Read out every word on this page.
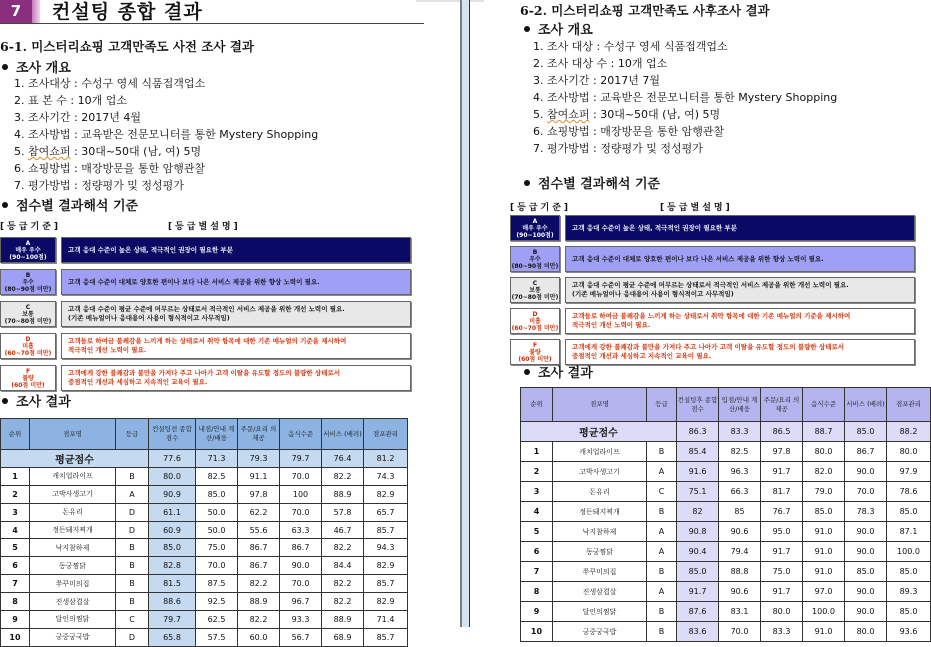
7	컨설팅 종합 결과
6-1. 미스터리쇼핑 고객만족도 사전 조사 결과
조사 개요
1. 조사대상 : 수성구 영세 식품접객업소
2. 표 본 수 : 10개 업소
3. 조사기간 : 2017년 4월
4. 조사방법 : 교육받은 전문모니터를 통한 Mystery Shopping
5. 참여쇼퍼 : 30대~50대 (남, 여) 5명
6. 쇼핑방법 : 매장방문을 통한 암행관찰
7. 평가방법 : 정량평가 및 정성평가
점수별 결과해석 기준
[등급기준]	[등급별설명]
A
매우 우수
(90~100점)
고객 응대 수준이 높은 상태, 적극적인 권장이 필요한 부분
B
우수
(80~90점 미만)
고객 응대 수준이 대체로 양호한 편이나 보다 나은 서비스 제공을 위한 향상 노력이 필요.
C
보통
(70~80점 미만)
고객 응대 수준이 평균 수준에 머무르는 상태로서 적극적인 서비스 제공을 위한 개선 노력이 필요.
(기존 매뉴얼이나 응대용어 사용이 형식적이고 사무적임)
D
미흡
(60~70점 미만)
고객들로 하여금 불쾌감을 느끼게 하는 상태로서 취약 항목에 대한 기존 매뉴얼의 기준을 제시하여
적극적인 개선 노력이 필요.
F
불량
(60점 미만)
고객에게 강한 불쾌감과 불만을 가져다 주고 나아가 고객 이탈을 유도할 정도의 불량한 상태로서
중점적인 개선과 세심하고 지속적인 교육이 필요.
조사 결과
순위	점포명	등급	컨설팅전 종합점수	내점/안내 계산/배웅	주문/요리 의 제공	음식수준	서비스 (배려)	점포관리
평균점수			77.6	71.3	79.3	79.7	76.4	81.2
1	캐치업라이프	B	80.0	82.5	91.1	70.0	82.2	74.3
2	고박사생고기	A	90.9	85.0	97.8	100	88.9	82.9
3	돈유리	D	61.1	50.0	62.2	70.0	57.8	65.7
4	정든돼지찌개	D	60.9	50.0	55.6	63.3	46.7	85.7
5	낙지참하제	B	85.0	75.0	86.7	86.7	82.2	94.3
6	동궁찜닭	B	82.8	70.0	86.7	90.0	84.4	82.9
7	쭈꾸미의집	B	81.5	87.5	82.2	70.0	82.2	85.7
8	진생삼겹살	B	88.6	92.5	88.9	96.7	82.2	82.9
9	달인의찜닭	C	79.7	62.5	82.2	93.3	88.9	71.4
10	궁중궁국밥	D	65.8	57.5	60.0	56.7	68.9	85.7
6-2. 미스터리쇼핑 고객만족도 사후조사 결과
조사 개요
1. 조사 대상 : 수성구 영세 식품접객업소
2. 조사 대상 수 : 10개 업소
3. 조사기간 : 2017년 7월
4. 조사방법 : 교육받은 전문모니터를 통한 Mystery Shopping
5. 참여쇼퍼 : 30대~50대 (남, 여) 5명
6. 쇼핑방법 : 매장방문을 통한 암행관찰
7. 평가방법 : 정량평가 및 정성평가
점수별 결과해석 기준
[등급기준]	[등급별설명]
A
매우 우수
(90~100점)
고객 응대 수준이 높은 상태, 적극적인 권장이 필요한 부분
B
우수
(80~90점 미만)
고객 응대 수준이 대체로 양호한 편이나 보다 나은 서비스 제공을 위한 향상 노력이 필요.
C
보통
(70~80점 미만)
고객 응대 수준이 평균 수준에 머무르는 상태로서 적극적인 서비스 제공을 위한 개선 노력이 필요.
(기존 매뉴얼이나 응대용어 사용이 형식적이고 사무적임)
D
미흡
(60~70점 미만)
고객들로 하여금 불쾌감을 느끼게 하는 상태로서 취약 항목에 대한 기존 매뉴얼의 기준을 제시하여
적극적인 개선 노력이 필요.
F
불량
(60점 미만)
고객에게 강한 불쾌감과 불만을 가져다 주고 나아가 고객 이탈을 유도할 정도의 불량한 상태로서
중점적인 개선과 세심하고 지속적인 교육이 필요.
조사 결과
순위	점포명	등급	컨설팅후 종합점수	입점/안내 계산/배웅	주문/요리 의 제공	음식수준	서비스 (배려)	점포관리
평균점수			86.3	83.3	86.5	88.7	85.0	88.2
1	캐치업라이프	B	85.4	82.5	97.8	80.0	86.7	80.0
2	고박사생고기	A	91.6	96.3	91.7	82.0	90.0	97.9
3	돈유리	C	75.1	66.3	81.7	79.0	70.0	78.6
4	정든돼지찌개	B	82	85	76.7	85.0	78.3	85.0
5	낙지참하제	A	90.8	90.6	95.0	91.0	90.0	87.1
6	동궁찜닭	A	90.4	79.4	91.7	91.0	90.0	100.0
7	쭈꾸미의집	B	85.0	88.8	75.0	91.0	85.0	85.0
8	진생삼겹살	A	91.7	90.6	91.7	97.0	90.0	89.3
9	달인의찜닭	B	87.6	83.1	80.0	100.0	90.0	85.0
10	궁중궁국밥	B	83.6	70.0	83.3	91.0	80.0	93.6
